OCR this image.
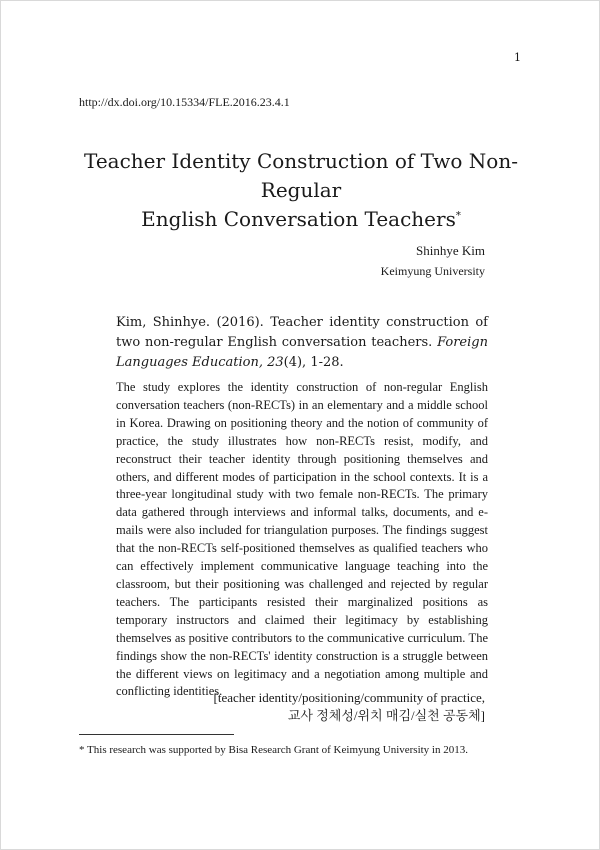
1
http://dx.doi.org/10.15334/FLE.2016.23.4.1
Teacher Identity Construction of Two Non-Regular
English Conversation Teachers*
Shinhye Kim
Keimyung University
Kim, Shinhye. (2016). Teacher identity construction of two non-regular English conversation teachers. Foreign Languages Education, 23(4), 1-28.

The study explores the identity construction of non-regular English conversation teachers (non-RECTs) in an elementary and a middle school in Korea. Drawing on positioning theory and the notion of community of practice, the study illustrates how non-RECTs resist, modify, and reconstruct their teacher identity through positioning themselves and others, and different modes of participation in the school contexts. It is a three-year longitudinal study with two female non-RECTs. The primary data gathered through interviews and informal talks, documents, and e-mails were also included for triangulation purposes. The findings suggest that the non-RECTs self-positioned themselves as qualified teachers who can effectively implement communicative language teaching into the classroom, but their positioning was challenged and rejected by regular teachers. The participants resisted their marginalized positions as temporary instructors and claimed their legitimacy by establishing themselves as positive contributors to the communicative curriculum. The findings show the non-RECTs' identity construction is a struggle between the different views on legitimacy and a negotiation among multiple and conflicting identities.

[teacher identity/positioning/community of practice,
교사 정체성/위치 매김/실천 공동체]
* This research was supported by Bisa Research Grant of Keimyung University in 2013.
